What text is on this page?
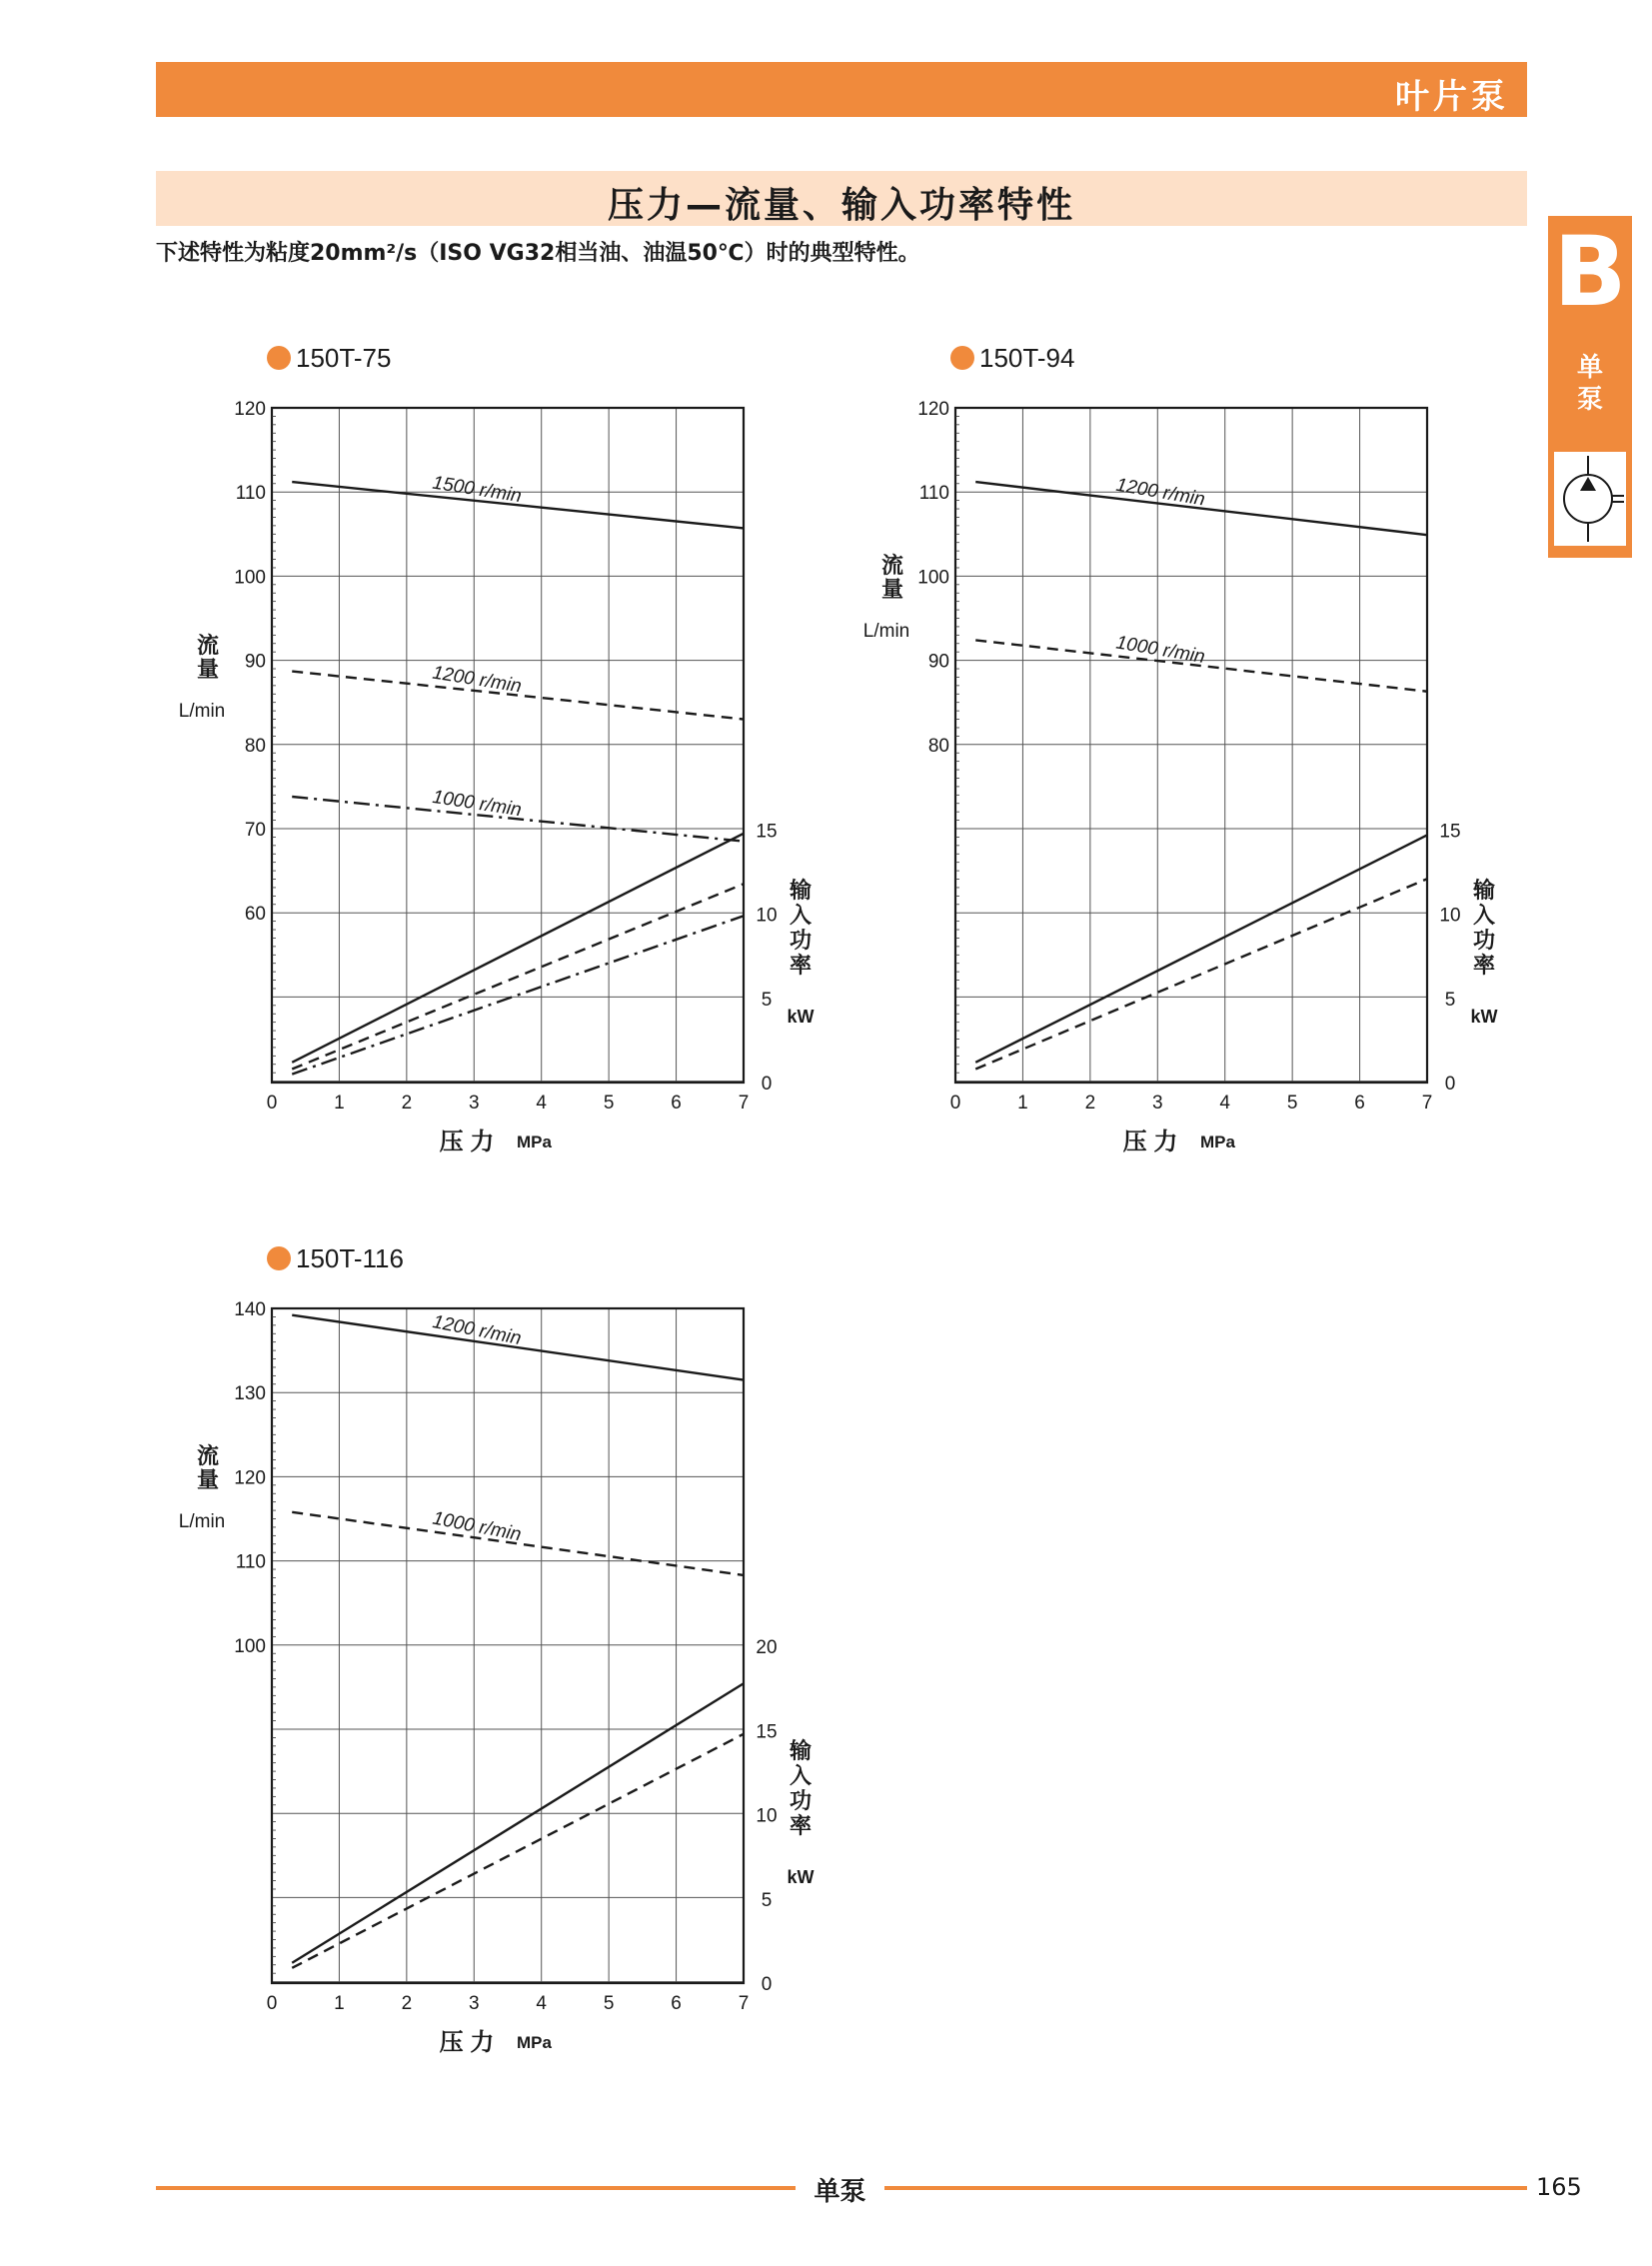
叶片泵
压力—流量、输入功率特性
下述特性为粘度20mm²/s（ISO VG32相当油、油温50℃）时的典型特性。	B
单
泵
150T-75
0	1	2	3	4	5	6	7
120
110
100
90
80
70
60
15
10
5
0
压 力 MPa
流
量
L/min
输
入
功
率
kW
1500 r/min
1200 r/min
1000 r/min
150T-94
0	1	2	3	4	5	6	7
120
110
100
90
80
15
10
5
0
压 力 MPa
流
量
L/min
输
入
功
率
kW
1200 r/min
1000 r/min
150T-116
0	1	2	3	4	5	6	7
140
130
120
110
100	20
15
10
5
0
压 力 MPa
流
量
L/min
输
入
功
率
kW
1200 r/min
1000 r/min
单泵	165
